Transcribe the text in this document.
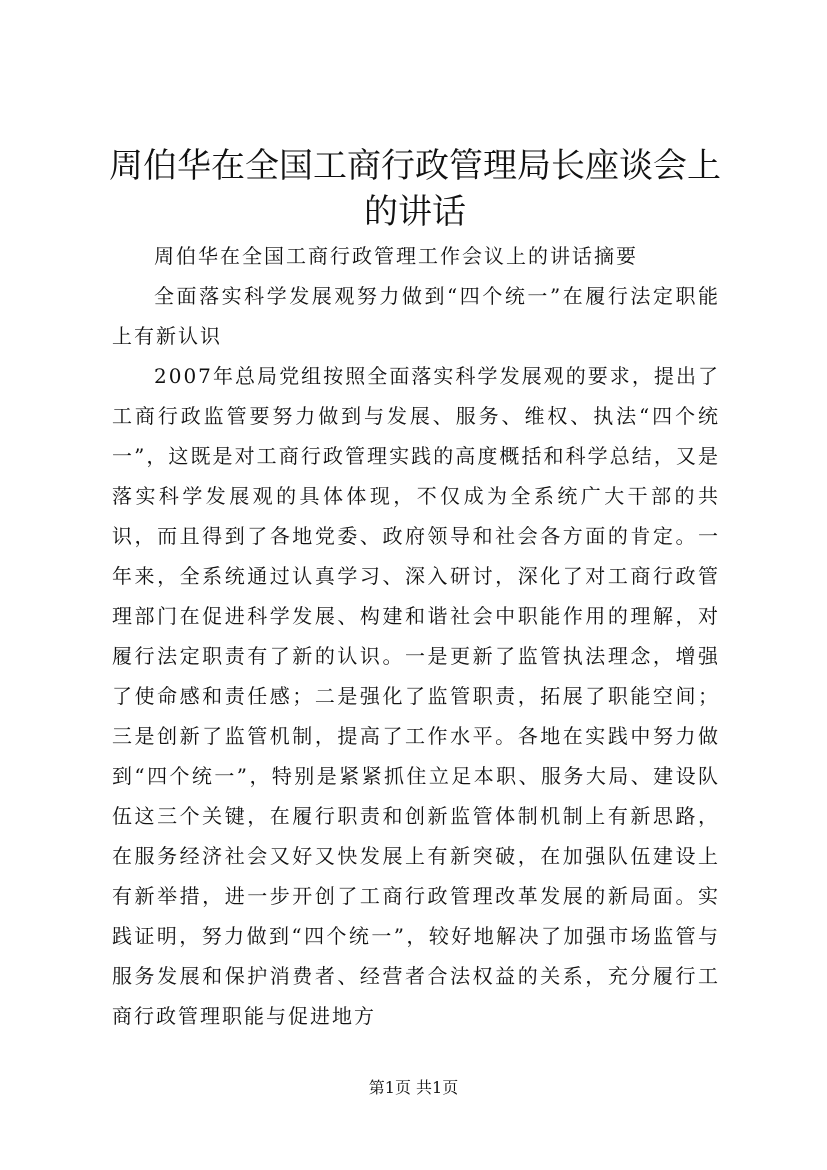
周伯华在全国工商行政管理局长座谈会上的讲话

周伯华在全国工商行政管理工作会议上的讲话摘要

全面落实科学发展观努力做到“四个统一”在履行法定职能上有新认识

2007年总局党组按照全面落实科学发展观的要求，提出了工商行政监管要努力做到与发展、服务、维权、执法“四个统一”，这既是对工商行政管理实践的高度概括和科学总结，又是落实科学发展观的具体体现，不仅成为全系统广大干部的共识，而且得到了各地党委、政府领导和社会各方面的肯定。一年来，全系统通过认真学习、深入研讨，深化了对工商行政管理部门在促进科学发展、构建和谐社会中职能作用的理解，对履行法定职责有了新的认识。一是更新了监管执法理念，增强了使命感和责任感；二是强化了监管职责，拓展了职能空间；三是创新了监管机制，提高了工作水平。各地在实践中努力做到“四个统一”，特别是紧紧抓住立足本职、服务大局、建设队伍这三个关键，在履行职责和创新监管体制机制上有新思路，在服务经济社会又好又快发展上有新突破，在加强队伍建设上有新举措，进一步开创了工商行政管理改革发展的新局面。实践证明，努力做到“四个统一”，较好地解决了加强市场监管与服务发展和保护消费者、经营者合法权益的关系，充分履行工商行政管理职能与促进地方

第1页 共1页
